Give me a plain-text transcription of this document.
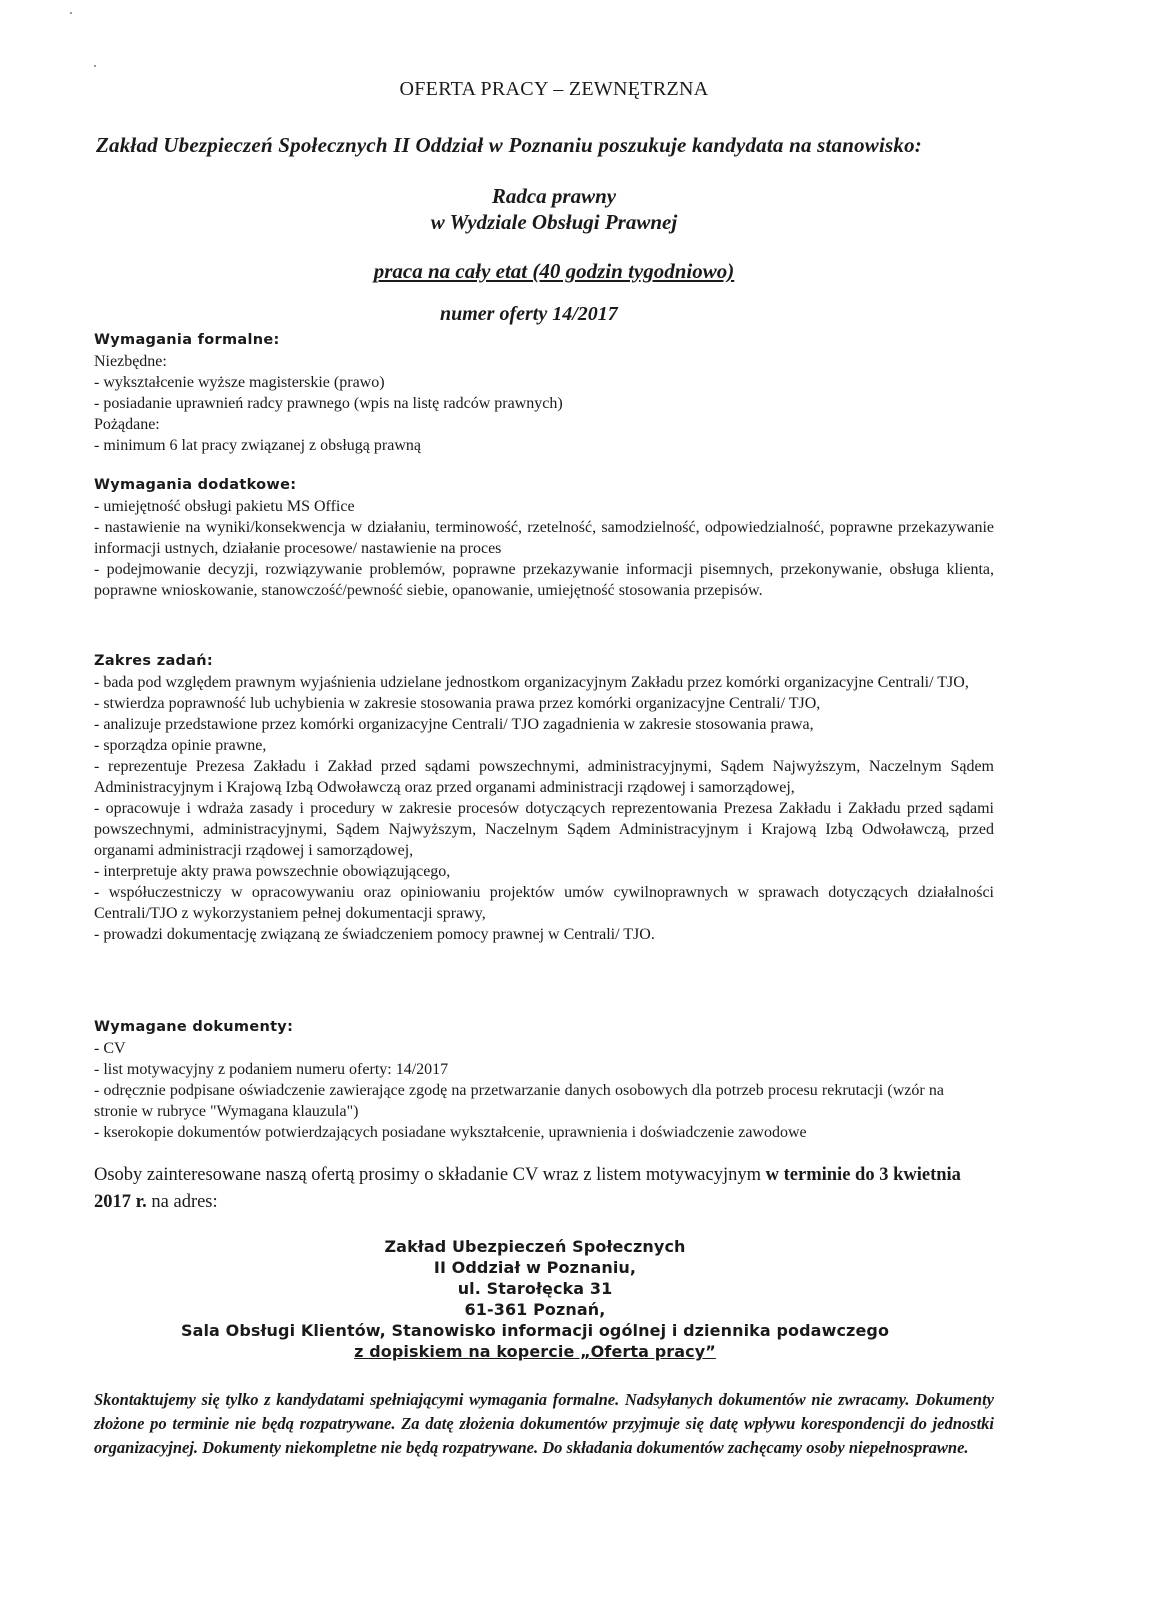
OFERTA PRACY – ZEWNĘTRZNA
Zakład Ubezpieczeń Społecznych II Oddział w Poznaniu poszukuje kandydata na stanowisko:
Radca prawny
w Wydziale Obsługi Prawnej
praca na cały etat (40 godzin tygodniowo)
numer oferty 14/2017
Wymagania formalne:
Niezbędne:
- wykształcenie wyższe magisterskie (prawo)
- posiadanie uprawnień radcy prawnego (wpis na listę radców prawnych)
Pożądane:
- minimum 6 lat pracy związanej z obsługą prawną
Wymagania dodatkowe:
- umiejętność obsługi pakietu MS Office
- nastawienie na wyniki/konsekwencja w działaniu, terminowość, rzetelność, samodzielność, odpowiedzialność, poprawne przekazywanie informacji ustnych, działanie procesowe/ nastawienie na proces
- podejmowanie decyzji, rozwiązywanie problemów, poprawne przekazywanie informacji pisemnych, przekonywanie, obsługa klienta, poprawne wnioskowanie, stanowczość/pewność siebie, opanowanie, umiejętność stosowania przepisów.
Zakres zadań:
- bada pod względem prawnym wyjaśnienia udzielane jednostkom organizacyjnym Zakładu przez komórki organizacyjne Centrali/ TJO,
- stwierdza poprawność lub uchybienia w zakresie stosowania prawa przez komórki organizacyjne Centrali/ TJO,
- analizuje przedstawione przez komórki organizacyjne Centrali/ TJO zagadnienia w zakresie stosowania prawa,
- sporządza opinie prawne,
- reprezentuje Prezesa Zakładu i Zakład przed sądami powszechnymi, administracyjnymi, Sądem Najwyższym, Naczelnym Sądem Administracyjnym i Krajową Izbą Odwoławczą oraz przed organami administracji rządowej i samorządowej,
- opracowuje i wdraża zasady i procedury w zakresie procesów dotyczących reprezentowania Prezesa Zakładu i Zakładu przed sądami powszechnymi, administracyjnymi, Sądem Najwyższym, Naczelnym Sądem Administracyjnym i Krajową Izbą Odwoławczą, przed organami administracji rządowej i samorządowej,
- interpretuje akty prawa powszechnie obowiązującego,
- współuczestniczy w opracowywaniu oraz opiniowaniu projektów umów cywilnoprawnych w sprawach dotyczących działalności Centrali/TJO z wykorzystaniem pełnej dokumentacji sprawy,
- prowadzi dokumentację związaną ze świadczeniem pomocy prawnej w Centrali/ TJO.
Wymagane dokumenty:
- CV
- list motywacyjny z podaniem numeru oferty: 14/2017
- odręcznie podpisane oświadczenie zawierające zgodę na przetwarzanie danych osobowych dla potrzeb procesu rekrutacji (wzór na stronie w rubryce "Wymagana klauzula")
- kserokopie dokumentów potwierdzających posiadane wykształcenie, uprawnienia i doświadczenie zawodowe
Osoby zainteresowane naszą ofertą prosimy o składanie CV wraz z listem motywacyjnym w terminie do 3 kwietnia 2017 r. na adres:
Zakład Ubezpieczeń Społecznych
II Oddział w Poznaniu,
ul. Starołęcka 31
61-361 Poznań,
Sala Obsługi Klientów, Stanowisko informacji ogólnej i dziennika podawczego
z dopiskiem na kopercie „Oferta pracy”
Skontaktujemy się tylko z kandydatami spełniającymi wymagania formalne. Nadsyłanych dokumentów nie zwracamy. Dokumenty złożone po terminie nie będą rozpatrywane. Za datę złożenia dokumentów przyjmuje się datę wpływu korespondencji do jednostki organizacyjnej. Dokumenty niekompletne nie będą rozpatrywane. Do składania dokumentów zachęcamy osoby niepełnosprawne.
